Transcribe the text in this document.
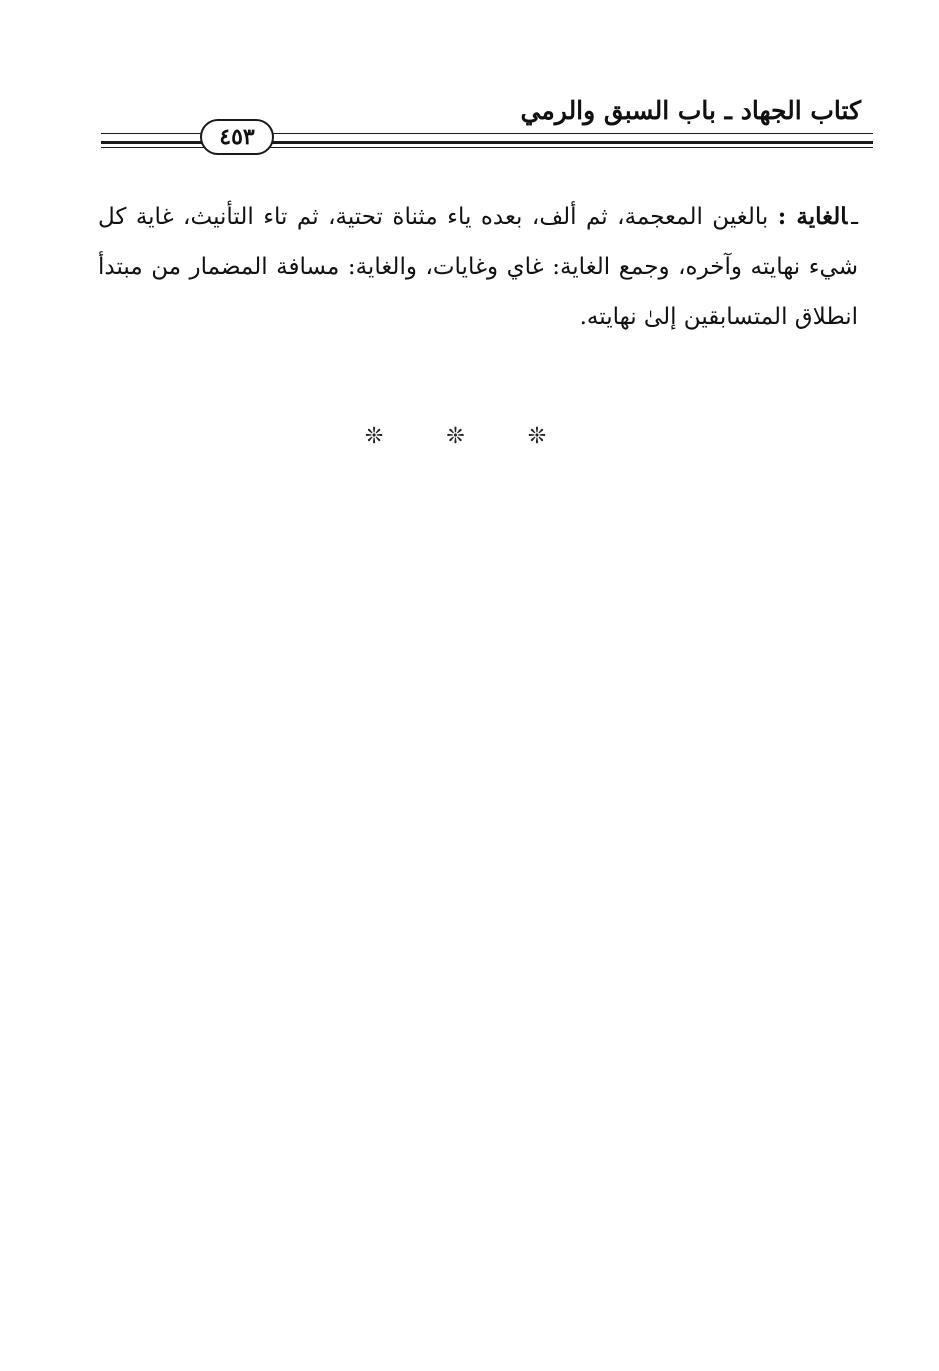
كتاب الجهاد ـ باب السبق والرمي
٤٥٣
ـالغاية : بالغين المعجمة، ثم ألف، بعده ياء مثناة تحتية، ثم تاء التأنيث، غاية كل شيء نهايته وآخره، وجمع الغاية: غاي وغايات، والغاية: مسافة المضمار من مبتدأ انطلاق المتسابقين إلىٰ نهايته.
❊ ❊ ❊
